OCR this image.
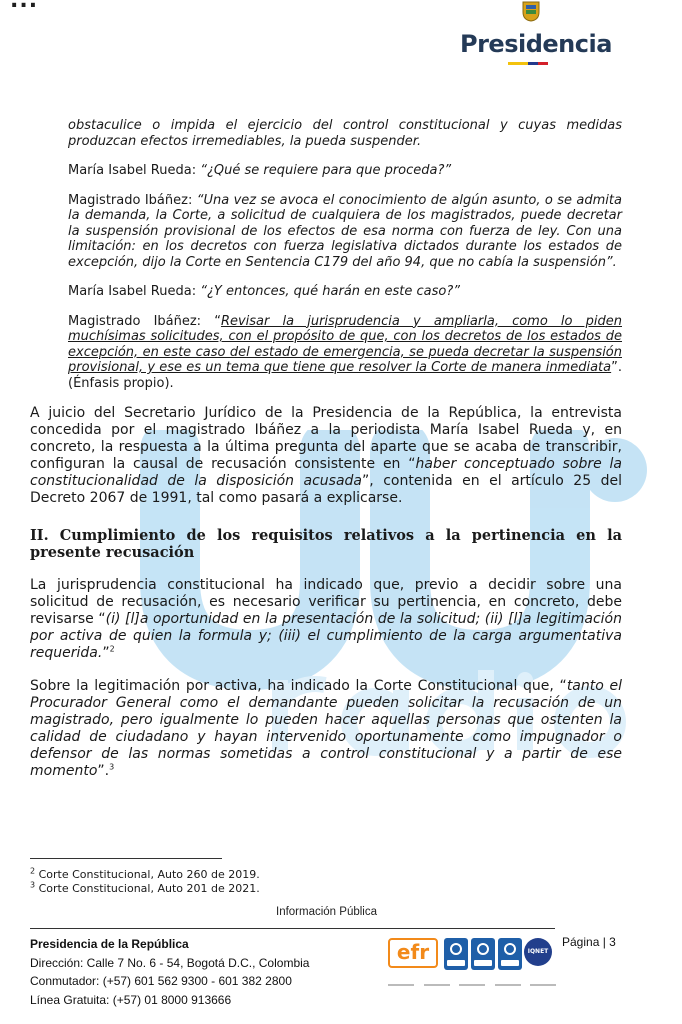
...
Presidencia

obstaculice o impida el ejercicio del control constitucional y cuyas medidas produzcan efectos irremediables, la pueda suspender.

María Isabel Rueda: “¿Qué se requiere para que proceda?”

Magistrado Ibáñez: “Una vez se avoca el conocimiento de algún asunto, o se admita la demanda, la Corte, a solicitud de cualquiera de los magistrados, puede decretar la suspensión provisional de los efectos de esa norma con fuerza de ley. Con una limitación: en los decretos con fuerza legislativa dictados durante los estados de excepción, dijo la Corte en Sentencia C179 del año 94, que no cabía la suspensión”.

María Isabel Rueda: “¿Y entonces, qué harán en este caso?”

Magistrado Ibáñez: “Revisar la jurisprudencia y ampliarla, como lo piden muchísimas solicitudes, con el propósito de que, con los decretos de los estados de excepción, en este caso del estado de emergencia, se pueda decretar la suspensión provisional, y ese es un tema que tiene que resolver la Corte de manera inmediata”. (Énfasis propio).

A juicio del Secretario Jurídico de la Presidencia de la República, la entrevista concedida por el magistrado Ibáñez a la periodista María Isabel Rueda y, en concreto, la respuesta a la última pregunta del aparte que se acaba de transcribir, configuran la causal de recusación consistente en “haber conceptuado sobre la constitucionalidad de la disposición acusada”, contenida en el artículo 25 del Decreto 2067 de 1991, tal como pasará a explicarse.

II. Cumplimiento de los requisitos relativos a la pertinencia en la presente recusación

La jurisprudencia constitucional ha indicado que, previo a decidir sobre una solicitud de recusación, es necesario verificar su pertinencia, en concreto, debe revisarse “(i) [l]a oportunidad en la presentación de la solicitud; (ii) [l]a legitimación por activa de quien la formula y; (iii) el cumplimiento de la carga argumentativa requerida.”$^2$

Sobre la legitimación por activa, ha indicado la Corte Constitucional que, “tanto el Procurador General como el demandante pueden solicitar la recusación de un magistrado, pero igualmente lo pueden hacer aquellas personas que ostenten la calidad de ciudadano y hayan intervenido oportunamente como impugnador o defensor de las normas sometidas a control constitucional y a partir de ese momento”.$^3$

$^2$ Corte Constitucional, Auto 260 de 2019.
$^3$ Corte Constitucional, Auto 201 de 2021.
Información Pública
Presidencia de la República
Dirección: Calle 7 No. 6 - 54, Bogotá D.C., Colombia
Conmutador: (+57) 601 562 9300 - 601 382 2800
Línea Gratuita: (+57) 01 8000 913666
efr	IQNET
Página | 3
